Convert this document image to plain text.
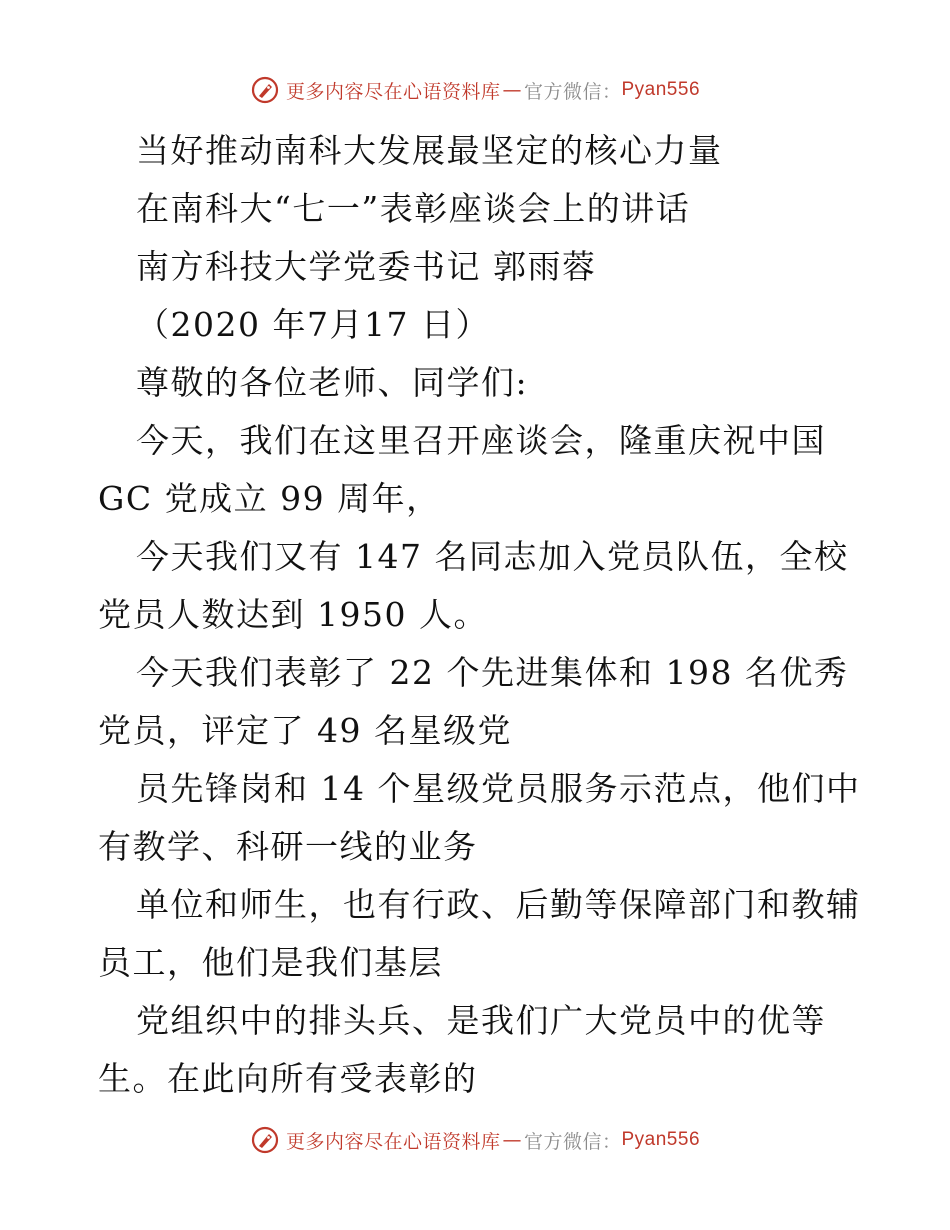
更多内容尽在心语资料库 — 官方微信： Pyan556
当好推动南科大发展最坚定的核心力量
在南科大“七一”表彰座谈会上的讲话
南方科技大学党委书记 郭雨蓉
（2020 年7月17 日）
尊敬的各位老师、同学们:
今天，我们在这里召开座谈会，隆重庆祝中国
GC 党成立 99 周年，
今天我们又有 147 名同志加入党员队伍，全校
党员人数达到 1950 人。
今天我们表彰了 22 个先进集体和 198 名优秀
党员，评定了 49 名星级党
员先锋岗和 14 个星级党员服务示范点，他们中
有教学、科研一线的业务
单位和师生，也有行政、后勤等保障部门和教辅
员工，他们是我们基层
党组织中的排头兵、是我们广大党员中的优等
生。在此向所有受表彰的
更多内容尽在心语资料库 — 官方微信： Pyan556
